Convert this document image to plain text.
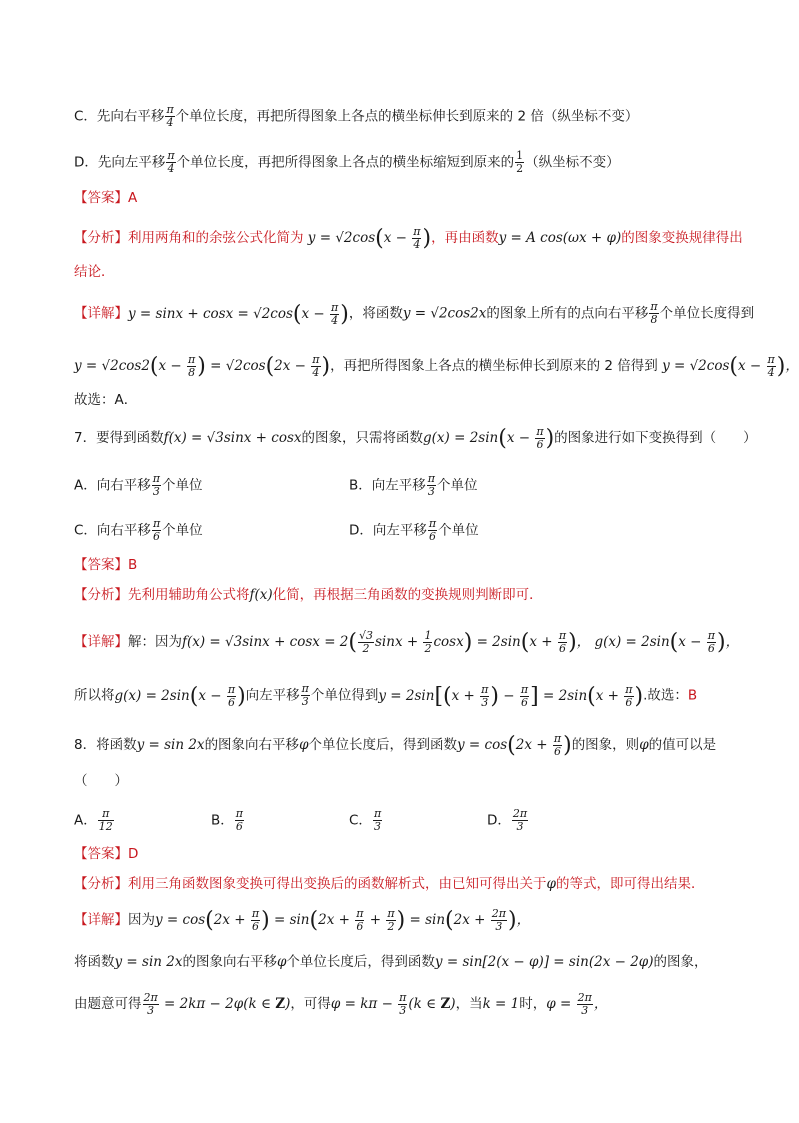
C．先向右平移 $\frac{\pi}{4}$ 个单位长度，再把所得图象上各点的横坐标伸长到原来的 2 倍（纵坐标不变）
D．先向左平移 $\frac{\pi}{4}$ 个单位长度，再把所得图象上各点的横坐标缩短到原来的 $\frac{1}{2}$ （纵坐标不变）
【答案】A
【分析】利用两角和的余弦公式化简为 $y = √2\cos(x - \frac{\pi}{4}$ )，再由函数y = A cos(ωx + φ)的图象变换规律得出
结论．
【详解】$y = \sin x + \cos x = √2\cos(x - \frac{\pi}{4}$ )，将函数y = √2cos2x的图象上所有的点向右平移 $\frac{\pi}{8}$ 个单位长度得到
$y = √2\cos 2(x - \frac{\pi}{8}$ ) = $√2\cos(2x - \frac{\pi}{4}$ )，再把所得图象上各点的横坐标伸长到原来的 2 倍得到 $y = √2\cos(x - \frac{\pi}{4}$ )，
故选：A．
7．要得到函数f(x) = √3sinx + cosx的图象，只需将函数$g(x) = 2\sin(x - \frac{\pi}{6}$ )的图象进行如下变换得到（　　）
A．向右平移 $\frac{\pi}{3}$ 个单位	B．向左平移 $\frac{\pi}{3}$ 个单位
C．向右平移 $\frac{\pi}{6}$ 个单位	D．向左平移 $\frac{\pi}{6}$ 个单位
【答案】B
【分析】先利用辅助角公式将f(x)化简，再根据三角函数的变换规则判断即可．
【详解】解：因为$f(x) = √3\sin x + \cos x = 2( \frac{√3}{2}$ $\sin x + \frac{1}{2} \cos x) = 2\sin(x + \frac{\pi}{6}$ )， $g(x) = 2\sin(x - \frac{\pi}{6}$ )，
所以将$g(x) = 2\sin(x - \frac{\pi}{6}$ )向左平移 $\frac{\pi}{3}$ 个单位得到$y = 2\sin[(x + \frac{\pi}{3}$ ) − $\frac{\pi}{6}$ ] = $2\sin(x + \frac{\pi}{6}$ ).故选：B
8．将函数y = sin 2x的图象向右平移φ个单位长度后，得到函数$y = \cos(2x + \frac{\pi}{6}$ )的图象，则φ的值可以是
（　　）
A． $\frac{\pi}{12}$	B． $\frac{\pi}{6}$	C． $\frac{\pi}{3}$	D． $\frac{2\pi}{3}$
【答案】D
【分析】利用三角函数图象变换可得出变换后的函数解析式，由已知可得出关于φ的等式，即可得出结果．
【详解】因为$y = \cos(2x + \frac{\pi}{6}$ ) = $\sin(2x + \frac{\pi}{6} + \frac{\pi}{2}$ ) = $\sin(2x + \frac{2\pi}{3}$ )，
将函数y = sin 2x的图象向右平移φ个单位长度后，得到函数y = sin[2(x − φ)] = sin(2x − 2φ)的图象，
由题意可得 $\frac{2\pi}{3} = 2k\pi - 2\varphi(k$ ∈ Z)，可得$\varphi = k\pi - \frac{\pi}{3} (k$ ∈ Z)，当k = 1时，$\varphi = \frac{2\pi}{3}$ ，
